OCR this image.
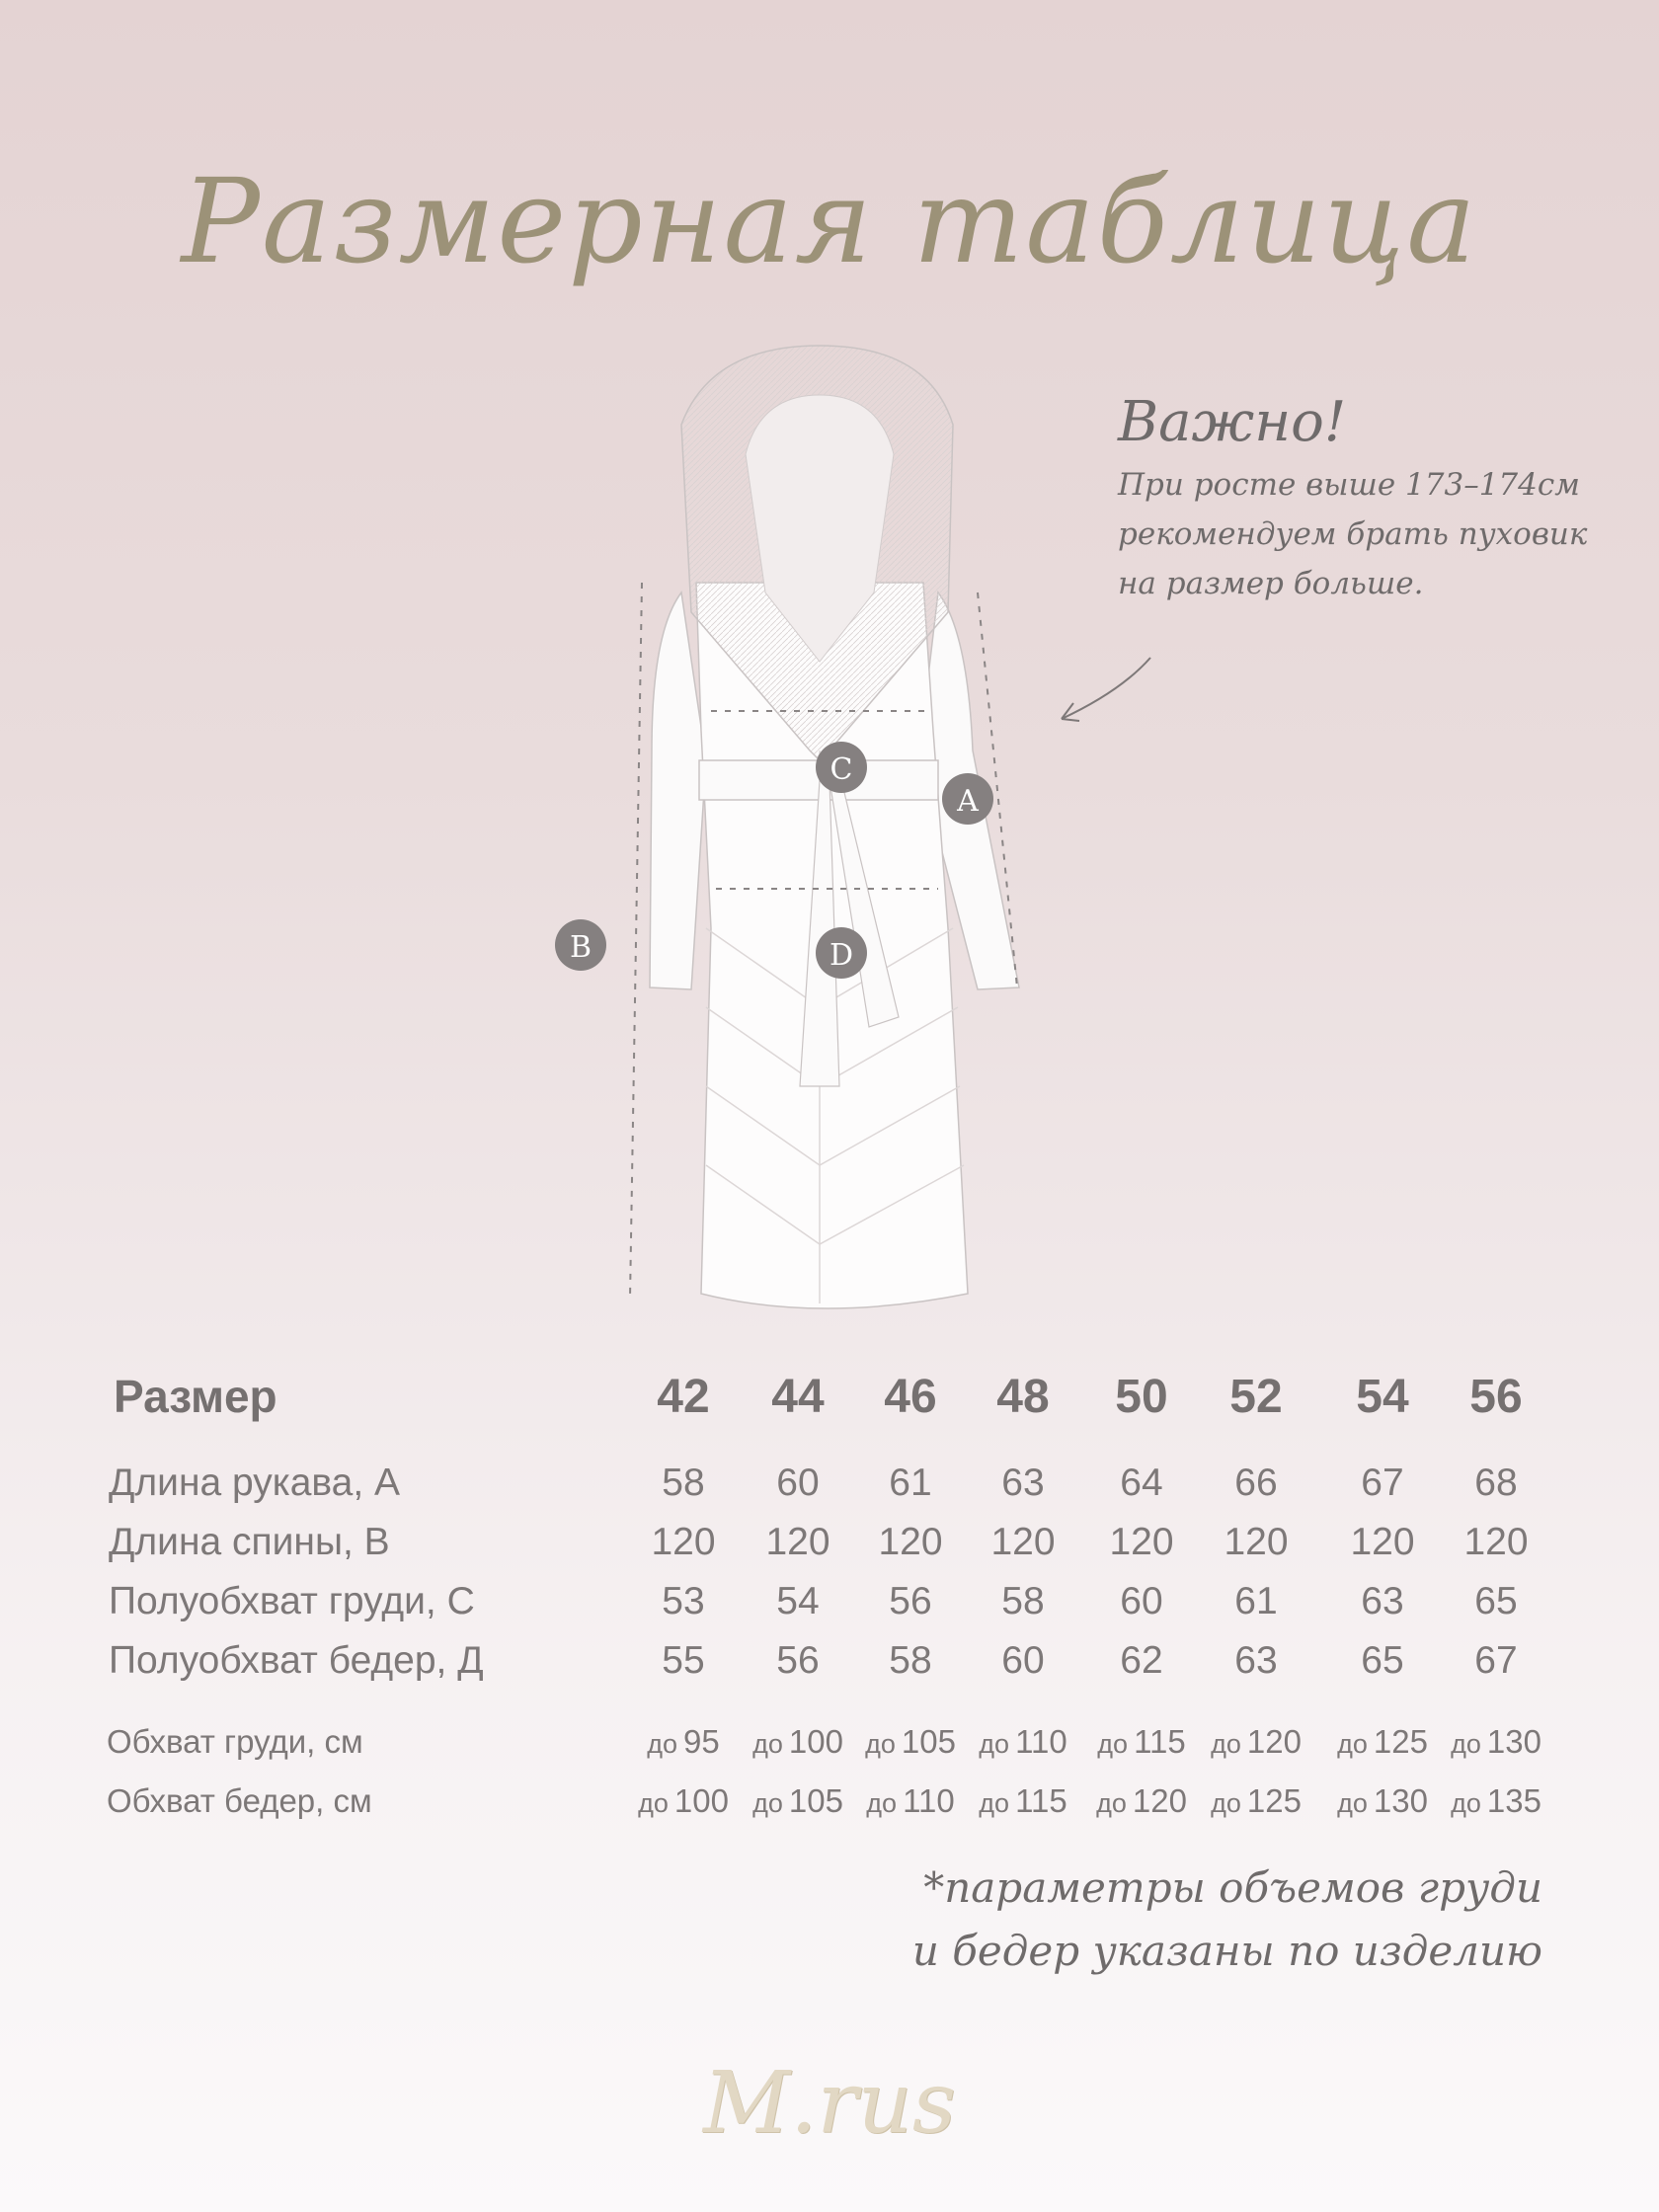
Размерная таблица
Важно!
При росте выше 173–174см
рекомендуем брать пуховик
на размер больше.
C
A
B	D
Размер	42 44 46 48 50 52 54 56
Длина рукава, А	58 60 61 63 64 66 67 68
Длина спины, В	120 120 120 120 120 120 120 120
Полуобхват груди, С	53 54 56 58 60 61 63 65
Полуобхват бедер, Д	55 56 58 60 62 63 65 67
Обхват груди, см	до 95 до 100 до 105 до 110 до 115 до 120 до 125 до 130
Обхват бедер, см	до 100 до 105 до 110 до 115 до 120 до 125 до 130 до 135
*параметры объемов груди
и бедер указаны по изделию
M.rus
